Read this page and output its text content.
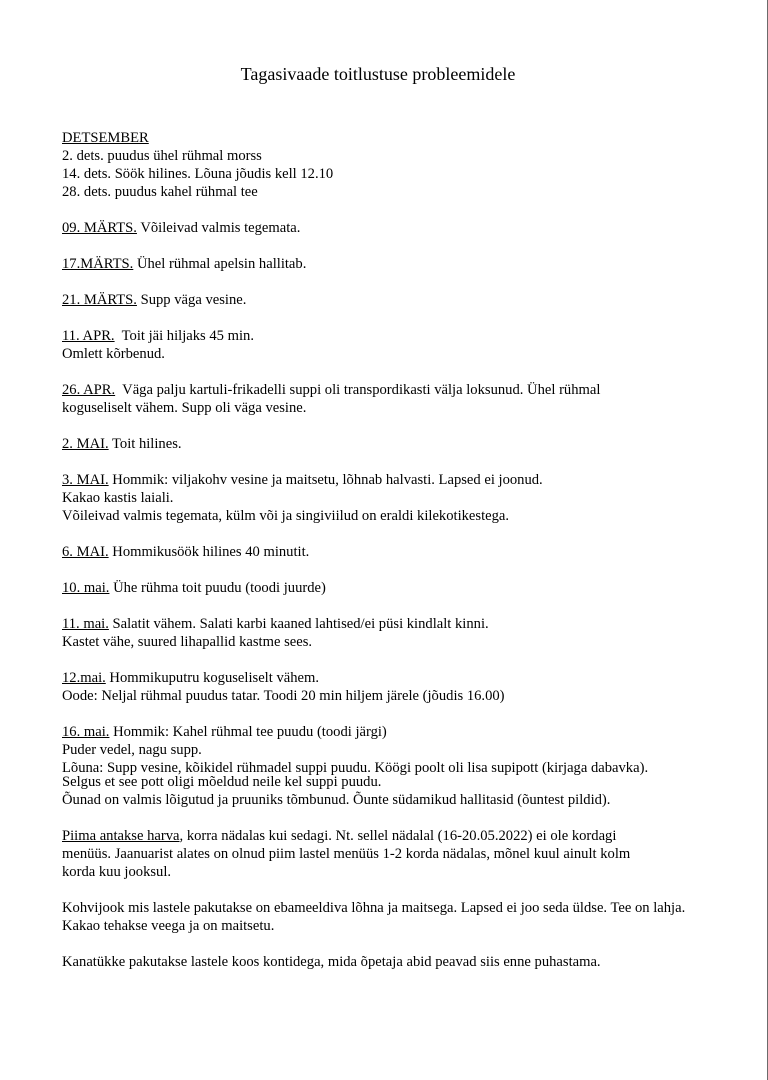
Tagasivaade toitlustuse probleemidele
DETSEMBER
2. dets. puudus ühel rühmal morss
14. dets. Söök hilines. Lõuna jõudis kell 12.10
28. dets. puudus kahel rühmal tee
09. MÄRTS. Võileivad valmis tegemata.
17.MÄRTS. Ühel rühmal apelsin hallitab.
21. MÄRTS. Supp väga vesine.
11. APR.  Toit jäi hiljaks 45 min.
Omlett kõrbenud.
26. APR.  Väga palju kartuli-frikadelli suppi oli transpordikasti välja loksunud. Ühel rühmal koguseliselt vähem. Supp oli väga vesine.
2. MAI. Toit hilines.
3. MAI. Hommik: viljakohv vesine ja maitsetu, lõhnab halvasti. Lapsed ei joonud.
Kakao kastis laiali.
Võileivad valmis tegemata, külm või ja singiviilud on eraldi kilekotikestega.
6. MAI. Hommikusöök hilines 40 minutit.
10. mai. Ühe rühma toit puudu (toodi juurde)
11. mai. Salatit vähem. Salati karbi kaaned lahtised/ei püsi kindlalt kinni.
Kastet vähe, suured lihapallid kastme sees.
12.mai. Hommikuputru koguseliselt vähem.
Oode: Neljal rühmal puudus tatar. Toodi 20 min hiljem järele (jõudis 16.00)
16. mai. Hommik: Kahel rühmal tee puudu (toodi järgi)
Puder vedel, nagu supp.
Lõuna: Supp vesine, kõikidel rühmadel suppi puudu. Köögi poolt oli lisa supipott (kirjaga dabavka). Selgus et see pott oligi mõeldud neile kel suppi puudu.
Õunad on valmis lõigutud ja pruuniks tõmbunud. Õunte südamikud hallitasid (õuntest pildid).
Piima antakse harva, korra nädalas kui sedagi. Nt. sellel nädalal (16-20.05.2022) ei ole kordagi menüüs. Jaanuarist alates on olnud piim lastel menüüs 1-2 korda nädalas, mõnel kuul ainult kolm korda kuu jooksul.
Kohvijook mis lastele pakutakse on ebameeldiva lõhna ja maitsega. Lapsed ei joo seda üldse. Tee on lahja. Kakao tehakse veega ja on maitsetu.
Kanatükke pakutakse lastele koos kontidega, mida õpetaja abid peavad siis enne puhastama.
